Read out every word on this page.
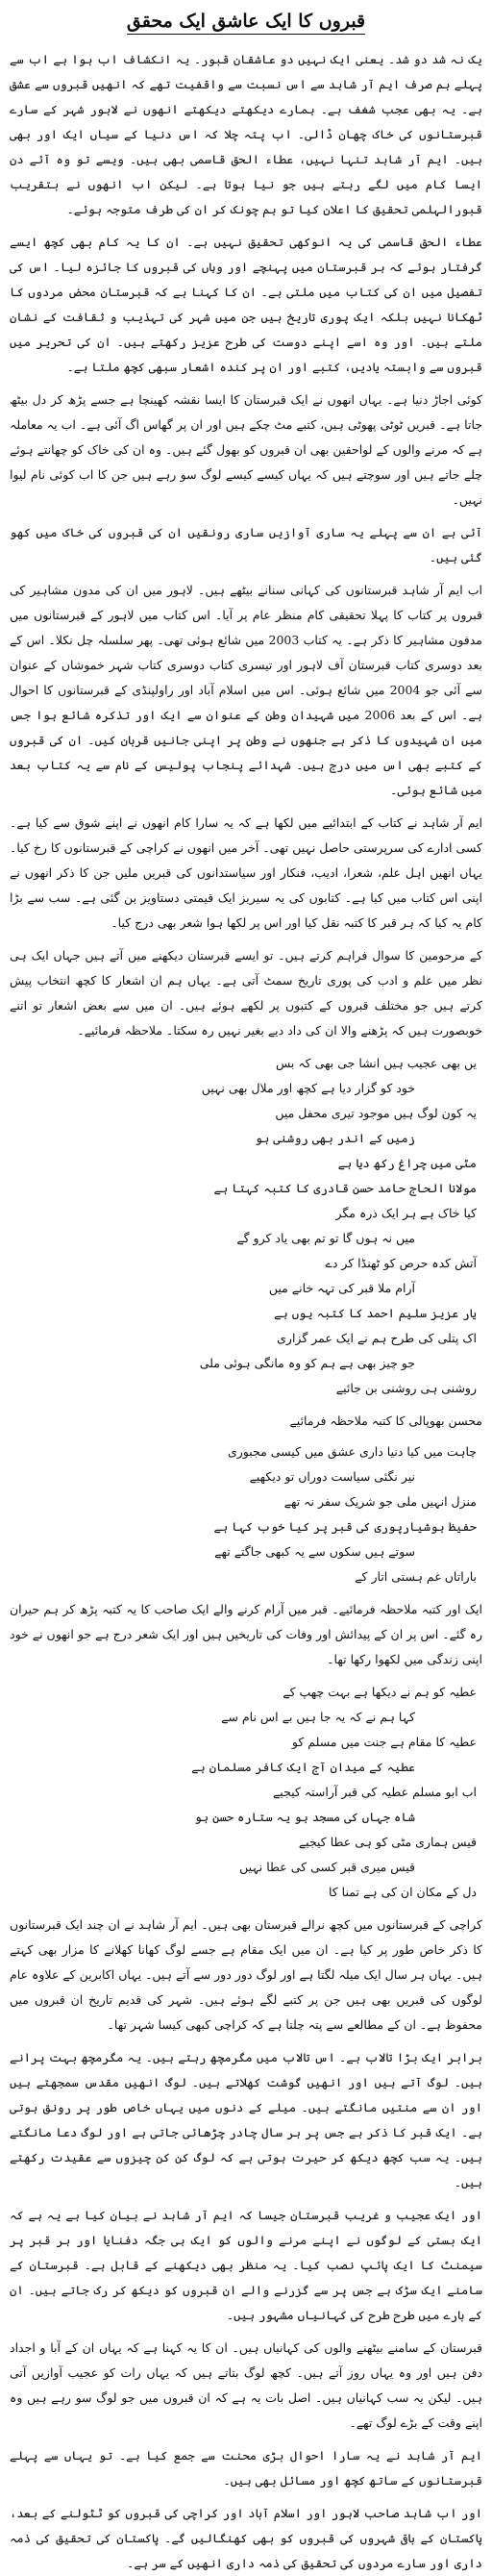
قبروں کا ایک عاشق ایک محقق

یک نہ شد دو شد۔ یعنی ایک نہیں دو عاشقان قبور۔ یہ انکشاف اب ہوا ہے اب سے پہلے ہم صرف ایم آر شاہد سے اس نسبت سے واقفیت تھے کہ انھیں قبروں سے عشق ہے۔ یہ بھی عجب شغف ہے۔ ہمارے دیکھتے دیکھتے انھوں نے لاہور شہر کے سارے قبرستانوں کی خاک چھان ڈالی۔ اب پتہ چلا کہ اس دنیا کے سیاں ایک اور بھی ہیں۔ ایم آر شاہد تنہا نہیں، عطاء الحق قاسمی بھی ہیں۔ ویسے تو وہ آئے دن ایسا کام میں لگے رہتے ہیں جو نیا ہوتا ہے۔ لیکن اب انھوں نے بتقریب قبورالہلمی تحقیق کا اعلان کیا تو ہم چونک کر ان کی طرف متوجہ ہوئے۔

عطاء الحق قاسمی کی یہ انوکھی تحقیق نہیں ہے۔ ان کا یہ کام بھی کچھ ایسے گرفتار ہوئے کہ ہر قبرستان میں پہنچے اور وہاں کی قبروں کا جائزہ لیا۔ اس کی تفصیل میں ان کی کتاب میں ملتی ہے۔ ان کا کہنا ہے کہ قبرستان محض مردوں کا ٹھکانا نہیں بلکہ ایک پوری تاریخ ہیں جن میں شہر کی تہذیب و ثقافت کے نشان ملتے ہیں۔ اور وہ اسے اپنے دوست کی طرح عزیز رکھتے ہیں۔ ان کی تحریر میں قبروں سے وابستہ یادیں، کتبے اور ان پر کندہ اشعار سبھی کچھ ملتا ہے۔

کوئی اجاڑ دنیا ہے۔ یہاں انھوں نے ایک قبرستان کا ایسا نقشہ کھینچا ہے جسے پڑھ کر دل بیٹھ جاتا ہے۔ قبریں ٹوٹی پھوٹی ہیں، کتبے مٹ چکے ہیں اور ان پر گھاس اگ آئی ہے۔ اب یہ معاملہ ہے کہ مرنے والوں کے لواحقین بھی ان قبروں کو بھول گئے ہیں۔ وہ ان کی خاک کو چھانتے ہوئے چلے جاتے ہیں اور سوچتے ہیں کہ یہاں کیسے کیسے لوگ سو رہے ہیں جن کا اب کوئی نام لیوا نہیں۔

آئی ہے ان سے پہلے یہ ساری آوازیں ساری رونقیں ان کی قبروں کی خاک میں کھو گئی ہیں۔

اب ایم آر شاہد قبرستانوں کی کہانی سنانے بیٹھے ہیں۔ لاہور میں ان کی مدون مشاہیر کی قبروں پر کتاب کا پہلا تحقیقی کام منظر عام پر آیا۔ اس کتاب میں لاہور کے قبرستانوں میں مدفون مشاہیر کا ذکر ہے۔ یہ کتاب 2003 میں شائع ہوئی تھی۔ پھر سلسلہ چل نکلا۔ اس کے بعد دوسری کتاب قبرستان آف لاہور اور تیسری کتاب دوسری کتاب شہر خموشاں کے عنوان سے آئی جو 2004 میں شائع ہوئی۔ اس میں اسلام آباد اور راولپنڈی کے قبرستانوں کا احوال ہے۔ اس کے بعد 2006 میں شہیدان وطن کے عنوان سے ایک اور تذکرہ شائع ہوا جس میں ان شہیدوں کا ذکر ہے جنھوں نے وطن پر اپنی جانیں قربان کیں۔ ان کی قبروں کے کتبے بھی اس میں درج ہیں۔ شہدائے پنجاب پولیس کے نام سے یہ کتاب بعد میں شائع ہوئی۔

ایم آر شاہد نے کتاب کے ابتدائیے میں لکھا ہے کہ یہ سارا کام انھوں نے اپنے شوق سے کیا ہے۔ کسی ادارے کی سرپرستی حاصل نہیں تھی۔ آخر میں انھوں نے کراچی کے قبرستانوں کا رخ کیا۔ یہاں انھیں اہل علم، شعرا، ادیب، فنکار اور سیاستدانوں کی قبریں ملیں جن کا ذکر انھوں نے اپنی اس کتاب میں کیا ہے۔ کتابوں کی یہ سیریز ایک قیمتی دستاویز بن گئی ہے۔ سب سے بڑا کام یہ کیا کہ ہر قبر کا کتبہ نقل کیا اور اس پر لکھا ہوا شعر بھی درج کیا۔

کے مرحومین کا سوال فراہم کرتے ہیں۔ تو ایسے قبرستان دیکھنے میں آتے ہیں جہاں ایک ہی نظر میں علم و ادب کی پوری تاریخ سمٹ آتی ہے۔ یہاں ہم ان اشعار کا کچھ انتخاب پیش کرتے ہیں جو مختلف قبروں کے کتبوں پر لکھے ہوئے ہیں۔ ان میں سے بعض اشعار تو اتنے خوبصورت ہیں کہ پڑھنے والا ان کی داد دیے بغیر نہیں رہ سکتا۔ ملاحظہ فرمائیے۔

یں بھی عجیب ہیں انشا جی بھی کہ بس
خود کو گزار دیا ہے کچھ اور ملال بھی نہیں
یہ کون لوگ ہیں موجود تیری محفل میں
زمیں کے اندر بھی روشنی ہو
مٹی میں چراغ رکھ دیا ہے
مولانا الحاج حامد حسن قادری کا کتبہ کہتا ہے
کیا خاک ہے ہر ایک ذرہ مگر
میں نہ ہوں گا تو تم بھی یاد کرو گے
آتش کدہ حرص کو ٹھنڈا کر دے
آرام ملا قبر کی تہہ خانے میں
یار عزیز سلیم احمد کا کتبہ یوں ہے
اک پتلی کی طرح ہم نے ایک عمر گزاری
جو چیز بھی ہے ہم کو وہ مانگی ہوئی ملی
روشنی ہی روشنی بن جائیے

محسن بھوپالی کا کتبہ ملاحظہ فرمائیے

چاہت میں کیا دنیا داری عشق میں کیسی مجبوری
نیر نگئی سیاست دوراں تو دیکھیے
منزل انہیں ملی جو شریک سفر نہ تھے
حفیظ ہوشیارپوری کی قبر پر کیا خوب کہا ہے
سوتے ہیں سکوں سے یہ کبھی جاگتے تھے
باراتاں غم ہستی اتار کے

ایک اور کتبہ ملاحظہ فرمائیے۔ قبر میں آرام کرنے والے ایک صاحب کا یہ کتبہ پڑھ کر ہم حیران رہ گئے۔ اس پر ان کے پیدائش اور وفات کی تاریخیں ہیں اور ایک شعر درج ہے جو انھوں نے خود اپنی زندگی میں لکھوا رکھا تھا۔

عطیہ کو ہم نے دیکھا ہے بہت چھپ کے
کہا ہم نے کہ یہ جا ہیں بے اس نام سے
عطیہ کا مقام ہے جنت میں مسلم کو
عطیہ کے میدان آج ایک کافر مسلمان ہے
اب ابو مسلم عطیہ کی قبر آراستہ کیجیے
شاہ جہاں کی مسجد ہو یہ ستارہ حسن ہو
قیس ہماری مٹی کو ہی عطا کیجیے
قیس میری قبر کسی کی عطا نہیں
دل کے مکان ان کی ہے تمنا کا

کراچی کے قبرستانوں میں کچھ نرالے قبرستان بھی ہیں۔ ایم آر شاہد نے ان چند ایک قبرستانوں کا ذکر خاص طور پر کیا ہے۔ ان میں ایک مقام ہے جسے لوگ کھانا کھلانے کا مزار بھی کہتے ہیں۔ یہاں ہر سال ایک میلہ لگتا ہے اور لوگ دور دور سے آتے ہیں۔ یہاں اکابرین کے علاوہ عام لوگوں کی قبریں بھی ہیں جن پر کتبے لگے ہوئے ہیں۔ شہر کی قدیم تاریخ ان قبروں میں محفوظ ہے۔ ان کے مطالعے سے پتہ چلتا ہے کہ کراچی کبھی کیسا شہر تھا۔

برابر ایک بڑا تالاب ہے۔ اس تالاب میں مگرمچھ رہتے ہیں۔ یہ مگرمچھ بہت پرانے ہیں۔ لوگ آتے ہیں اور انھیں گوشت کھلاتے ہیں۔ لوگ انھیں مقدس سمجھتے ہیں اور ان سے منتیں مانگتے ہیں۔ میلے کے دنوں میں یہاں خاص طور پر رونق ہوتی ہے۔ ایک قبر کا ذکر ہے جس پر ہر سال چادر چڑھائی جاتی ہے اور لوگ دعا مانگتے ہیں۔ یہ سب کچھ دیکھ کر حیرت ہوتی ہے کہ لوگ کن کن چیزوں سے عقیدت رکھتے ہیں۔

اور ایک عجیب و غریب قبرستان جیسا کہ ایم آر شاہد نے بیان کیا ہے یہ ہے کہ ایک بستی کے لوگوں نے اپنے مرنے والوں کو ایک ہی جگہ دفنایا اور ہر قبر پر سیمنٹ کا ایک پائپ نصب کیا۔ یہ منظر بھی دیکھنے کے قابل ہے۔ قبرستان کے سامنے ایک سڑک ہے جس پر سے گزرنے والے ان قبروں کو دیکھ کر رک جاتے ہیں۔ ان کے بارے میں طرح طرح کی کہانیاں مشہور ہیں۔

قبرستان کے سامنے بیٹھنے والوں کی کہانیاں ہیں۔ ان کا یہ کہنا ہے کہ یہاں ان کے آبا و اجداد دفن ہیں اور وہ یہاں روز آتے ہیں۔ کچھ لوگ بتاتے ہیں کہ یہاں رات کو عجیب آوازیں آتی ہیں۔ لیکن یہ سب کہانیاں ہیں۔ اصل بات یہ ہے کہ ان قبروں میں جو لوگ سو رہے ہیں وہ اپنے وقت کے بڑے لوگ تھے۔

ایم آر شاہد نے یہ سارا احوال بڑی محنت سے جمع کیا ہے۔ تو یہاں سے پہلے قبرستانوں کے ساتھ کچھ اور مسائل بھی ہیں۔

اور اب شاہد صاحب لاہور اور اسلام آباد اور کراچی کی قبروں کو ٹٹولنے کے بعد، پاکستان کے باقی شہروں کی قبروں کو بھی کھنگالیں گے۔ پاکستان کی تحقیق کی ذمہ داری اور سارے مردوں کی تحقیق کی ذمہ داری انھیں کے سر ہے۔
